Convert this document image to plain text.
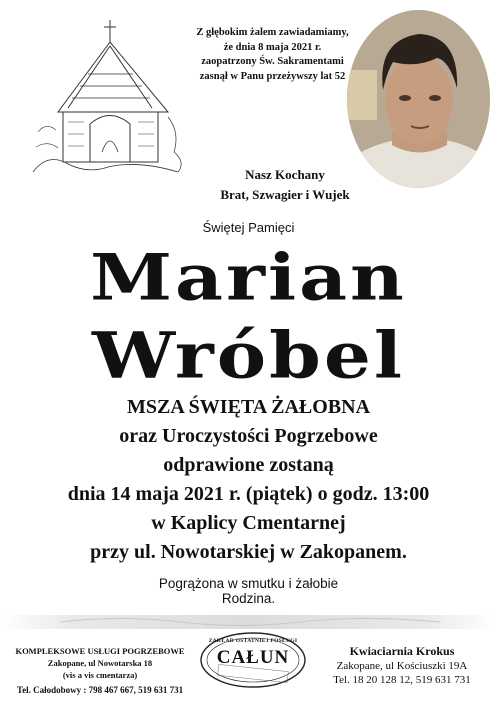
Z głębokim żalem zawiadamiamy,
że dnia 8 maja 2021 r.
zaopatrzony Św. Sakramentami
zasnął w Panu przeżywszy lat 52
Nasz Kochany
Brat, Szwagier i Wujek
Świętej Pamięci
Marian
Wróbel
MSZA ŚWIĘTA ŻAŁOBNA
oraz Uroczystości Pogrzebowe
odprawione zostaną
dnia 14 maja 2021 r. (piątek) o godz. 13:00
w Kaplicy Cmentarnej
przy ul. Nowotarskiej w Zakopanem.
Pogrążona w smutku i żałobie
Rodzina.
KOMPLEKSOWE USŁUGI POGRZEBOWE
Zakopane, ul Nowotarska 18
(vis a vis cmentarza)
Tel. Całodobowy : 798 467 667, 519 631 731
ZAKŁAD OSTATNIEJ POSŁUGI
CAŁUN	Kwiaciarnia Krokus
Zakopane, ul Kościuszki 19A
Tel. 18 20 128 12, 519 631 731
